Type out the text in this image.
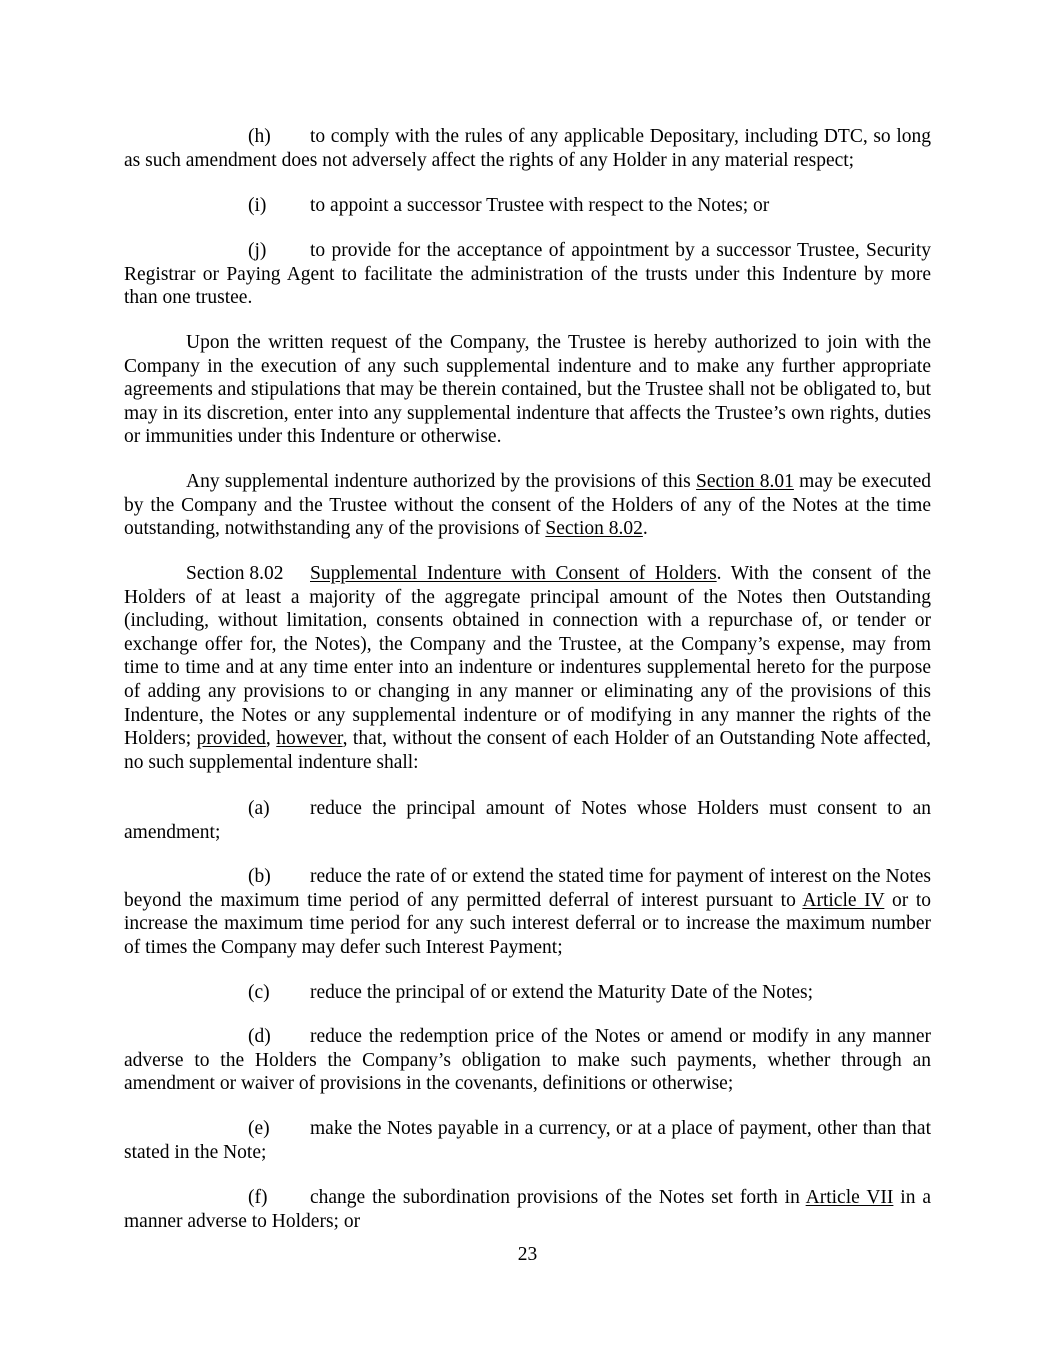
(h) to comply with the rules of any applicable Depositary, including DTC, so long as such amendment does not adversely affect the rights of any Holder in any material respect;

(i) to appoint a successor Trustee with respect to the Notes; or

(j) to provide for the acceptance of appointment by a successor Trustee, Security Registrar or Paying Agent to facilitate the administration of the trusts under this Indenture by more than one trustee.

Upon the written request of the Company, the Trustee is hereby authorized to join with the Company in the execution of any such supplemental indenture and to make any further appropriate agreements and stipulations that may be therein contained, but the Trustee shall not be obligated to, but may in its discretion, enter into any supplemental indenture that affects the Trustee’s own rights, duties or immunities under this Indenture or otherwise.

Any supplemental indenture authorized by the provisions of this Section 8.01 may be executed by the Company and the Trustee without the consent of the Holders of any of the Notes at the time outstanding, notwithstanding any of the provisions of Section 8.02.

Section 8.02 Supplemental Indenture with Consent of Holders. With the consent of the Holders of at least a majority of the aggregate principal amount of the Notes then Outstanding (including, without limitation, consents obtained in connection with a repurchase of, or tender or exchange offer for, the Notes), the Company and the Trustee, at the Company’s expense, may from time to time and at any time enter into an indenture or indentures supplemental hereto for the purpose of adding any provisions to or changing in any manner or eliminating any of the provisions of this Indenture, the Notes or any supplemental indenture or of modifying in any manner the rights of the Holders; provided, however, that, without the consent of each Holder of an Outstanding Note affected, no such supplemental indenture shall:

(a) reduce the principal amount of Notes whose Holders must consent to an amendment;

(b) reduce the rate of or extend the stated time for payment of interest on the Notes beyond the maximum time period of any permitted deferral of interest pursuant to Article IV or to increase the maximum time period for any such interest deferral or to increase the maximum number of times the Company may defer such Interest Payment;

(c) reduce the principal of or extend the Maturity Date of the Notes;

(d) reduce the redemption price of the Notes or amend or modify in any manner adverse to the Holders the Company’s obligation to make such payments, whether through an amendment or waiver of provisions in the covenants, definitions or otherwise;

(e) make the Notes payable in a currency, or at a place of payment, other than that stated in the Note;

(f) change the subordination provisions of the Notes set forth in Article VII in a manner adverse to Holders; or

23
